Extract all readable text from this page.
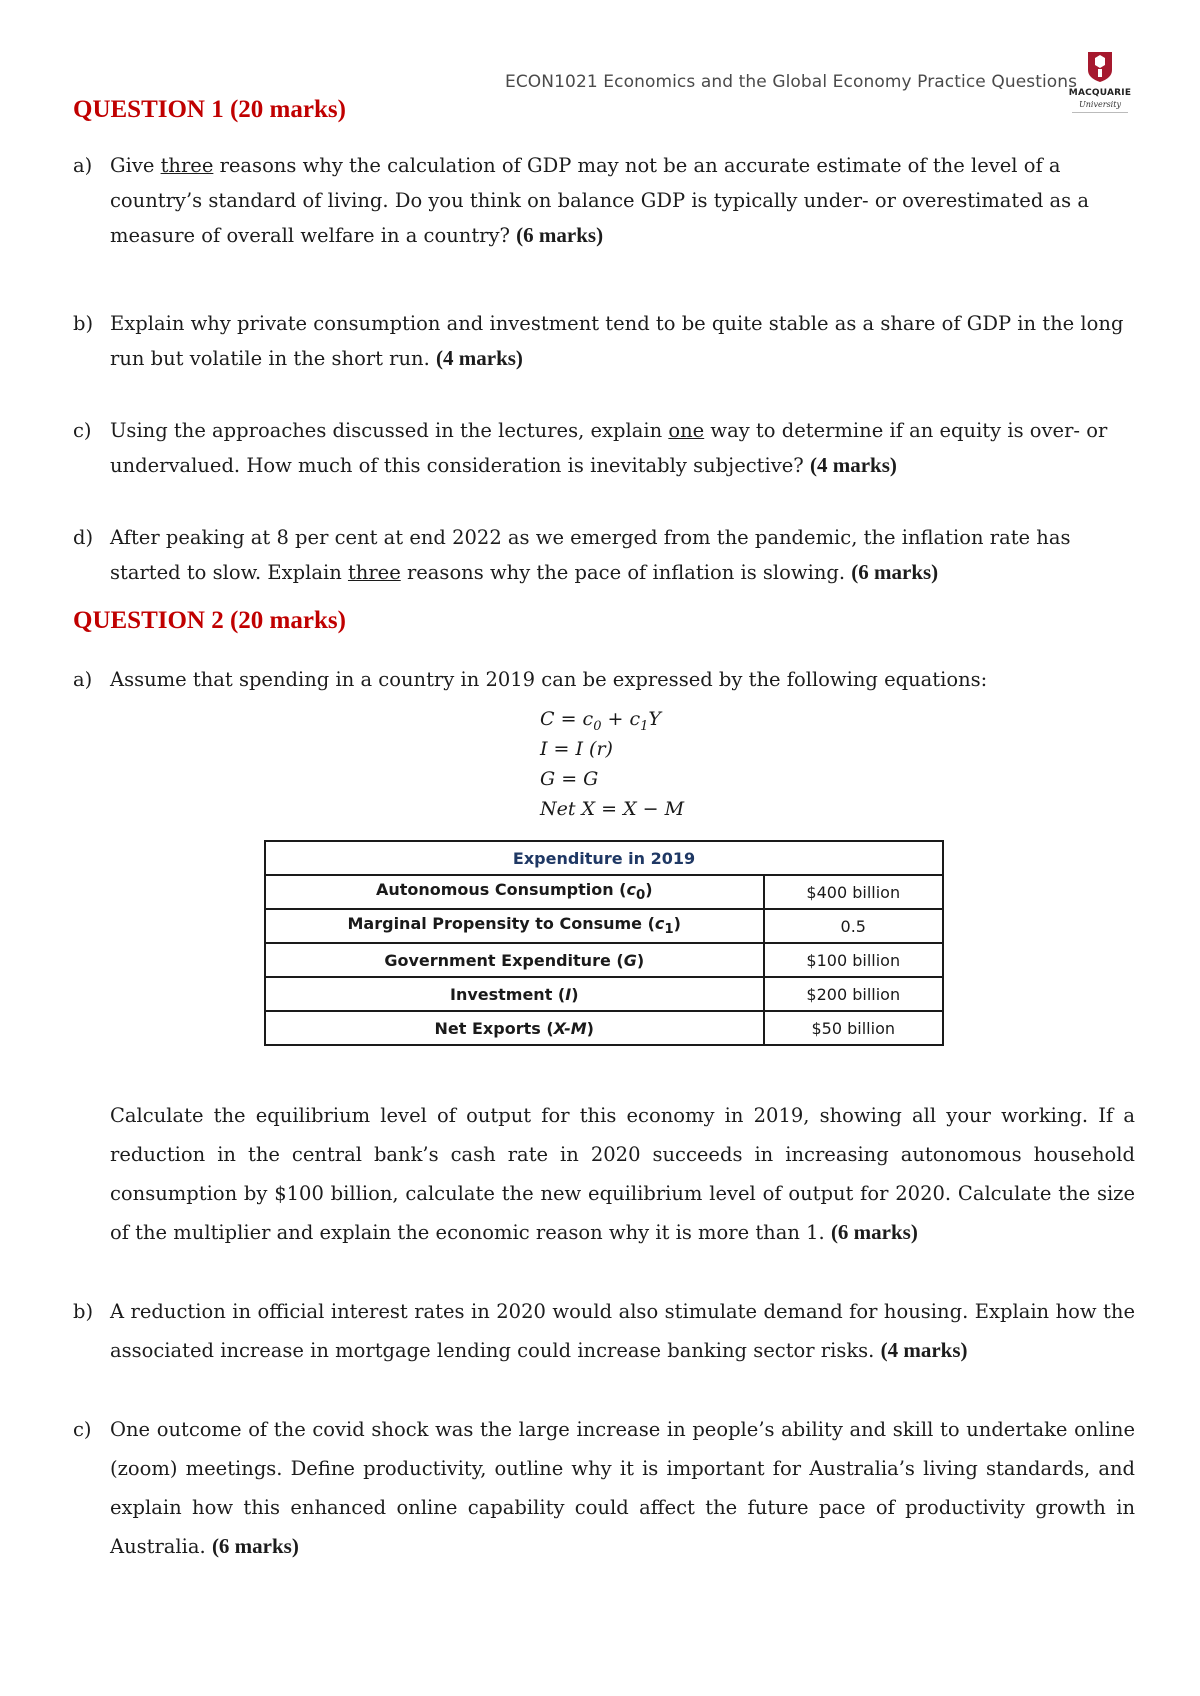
ECON1021 Economics and the Global Economy Practice Questions
MACQUARIE
University
QUESTION 1 (20 marks)
a) Give three reasons why the calculation of GDP may not be an accurate estimate of the level of a country’s standard of living. Do you think on balance GDP is typically under- or overestimated as a measure of overall welfare in a country? (6 marks)
b) Explain why private consumption and investment tend to be quite stable as a share of GDP in the long run but volatile in the short run. (4 marks)
c) Using the approaches discussed in the lectures, explain one way to determine if an equity is over- or undervalued. How much of this consideration is inevitably subjective? (4 marks)
d) After peaking at 8 per cent at end 2022 as we emerged from the pandemic, the inflation rate has started to slow. Explain three reasons why the pace of inflation is slowing. (6 marks)
QUESTION 2 (20 marks)
a) Assume that spending in a country in 2019 can be expressed by the following equations:
$C = c_0 + c_1Y$
I = I (r)
G = G
Net X = X − M
Expenditure in 2019	
Autonomous Consumption $(c_0)$	$400 billion
Marginal Propensity to Consume $(c_1)$	0.5
Government Expenditure (G)	$100 billion
Investment (I)	$200 billion
Net Exports (X-M)	$50 billion
Calculate the equilibrium level of output for this economy in 2019, showing all your working. If a reduction in the central bank’s cash rate in 2020 succeeds in increasing autonomous household consumption by $100 billion, calculate the new equilibrium level of output for 2020. Calculate the size of the multiplier and explain the economic reason why it is more than 1. (6 marks)
b) A reduction in official interest rates in 2020 would also stimulate demand for housing. Explain how the associated increase in mortgage lending could increase banking sector risks. (4 marks)
c) One outcome of the covid shock was the large increase in people’s ability and skill to undertake online (zoom) meetings. Define productivity, outline why it is important for Australia’s living standards, and explain how this enhanced online capability could affect the future pace of productivity growth in Australia. (6 marks)
